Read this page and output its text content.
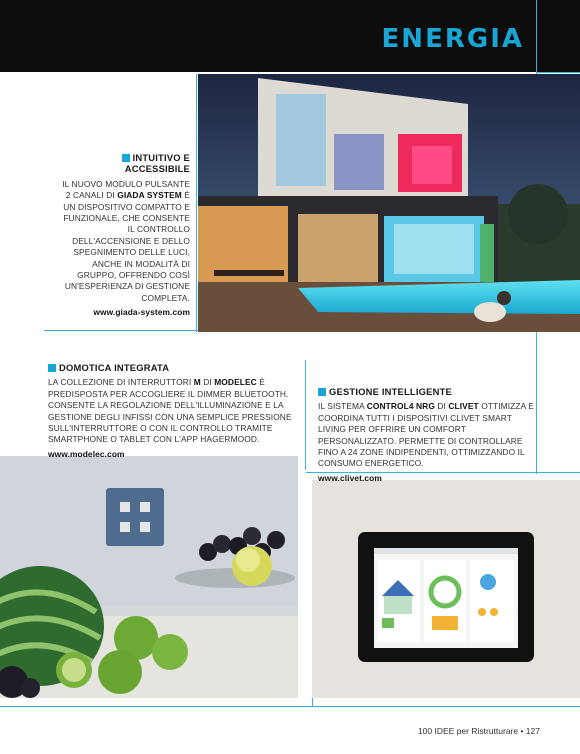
ENERGIA
INTUITIVO E ACCESSIBILE

IL NUOVO MODULO PULSANTE 2 CANALI DI GIADA SYSTEM È UN DISPOSITIVO COMPATTO E FUNZIONALE, CHE CONSENTE IL CONTROLLO DELL'ACCENSIONE E DELLO SPEGNIMENTO DELLE LUCI, ANCHE IN MODALITÀ DI GRUPPO, OFFRENDO COSÌ UN'ESPERIENZA DI GESTIONE COMPLETA.

www.giada-system.com
DOMOTICA INTEGRATA

LA COLLEZIONE DI INTERRUTTORI M DI MODELEC È PREDISPOSTA PER ACCOGLIERE IL DIMMER BLUETOOTH. CONSENTE LA REGOLAZIONE DELL'ILLUMINAZIONE E LA GESTIONE DEGLI INFISSI CON UNA SEMPLICE PRESSIONE SULL'INTERRUTTORE O CON IL CONTROLLO TRAMITE SMARTPHONE O TABLET CON L'APP HAGERMOOD.

www.modelec.com
GESTIONE INTELLIGENTE

IL SISTEMA CONTROL4 NRG DI CLIVET OTTIMIZZA E COORDINA TUTTI I DISPOSITIVI CLIVET SMART LIVING PER OFFRIRE UN COMFORT PERSONALIZZATO. PERMETTE DI CONTROLLARE FINO A 24 ZONE INDIPENDENTI, OTTIMIZZANDO IL CONSUMO ENERGETICO.

www.clivet.com
100 IDEE per Ristrutturare • 127
